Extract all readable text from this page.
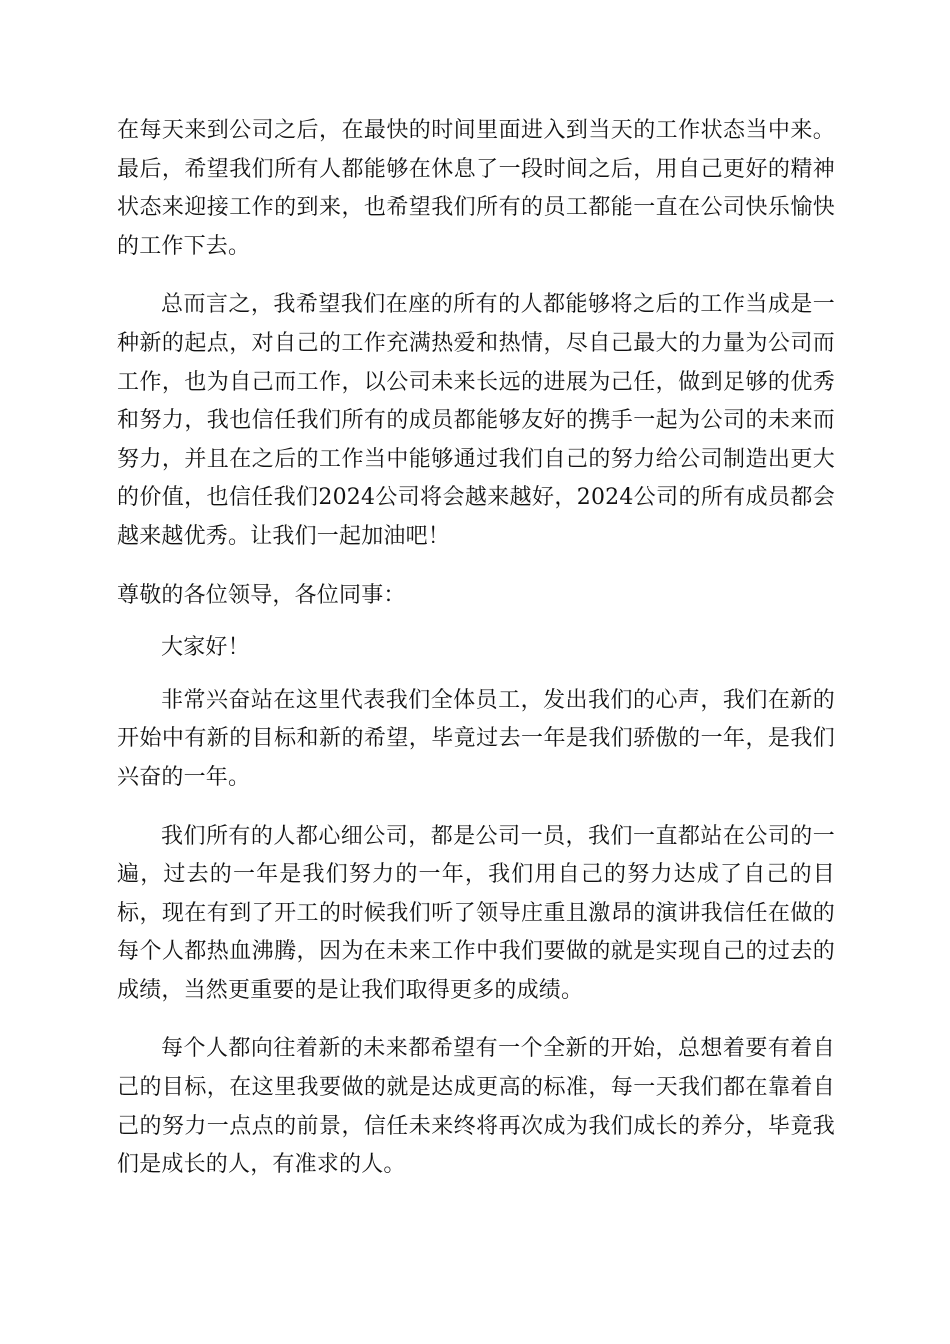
在每天来到公司之后，在最快的时间里面进入到当天的工作状态当中来。最后，希望我们所有人都能够在休息了一段时间之后，用自己更好的精神状态来迎接工作的到来，也希望我们所有的员工都能一直在公司快乐愉快的工作下去。

总而言之，我希望我们在座的所有的人都能够将之后的工作当成是一种新的起点，对自己的工作充满热爱和热情，尽自己最大的力量为公司而工作，也为自己而工作，以公司未来长远的进展为己任，做到足够的优秀和努力，我也信任我们所有的成员都能够友好的携手一起为公司的未来而努力，并且在之后的工作当中能够通过我们自己的努力给公司制造出更大的价值，也信任我们2024公司将会越来越好，2024公司的所有成员都会越来越优秀。让我们一起加油吧！

尊敬的各位领导，各位同事：

大家好！

非常兴奋站在这里代表我们全体员工，发出我们的心声，我们在新的开始中有新的目标和新的希望，毕竟过去一年是我们骄傲的一年，是我们兴奋的一年。

我们所有的人都心细公司，都是公司一员，我们一直都站在公司的一遍，过去的一年是我们努力的一年，我们用自己的努力达成了自己的目标，现在有到了开工的时候我们听了领导庄重且激昂的演讲我信任在做的每个人都热血沸腾，因为在未来工作中我们要做的就是实现自己的过去的成绩，当然更重要的是让我们取得更多的成绩。

每个人都向往着新的未来都希望有一个全新的开始，总想着要有着自己的目标，在这里我要做的就是达成更高的标准，每一天我们都在靠着自己的努力一点点的前景，信任未来终将再次成为我们成长的养分，毕竟我们是成长的人，有准求的人。
